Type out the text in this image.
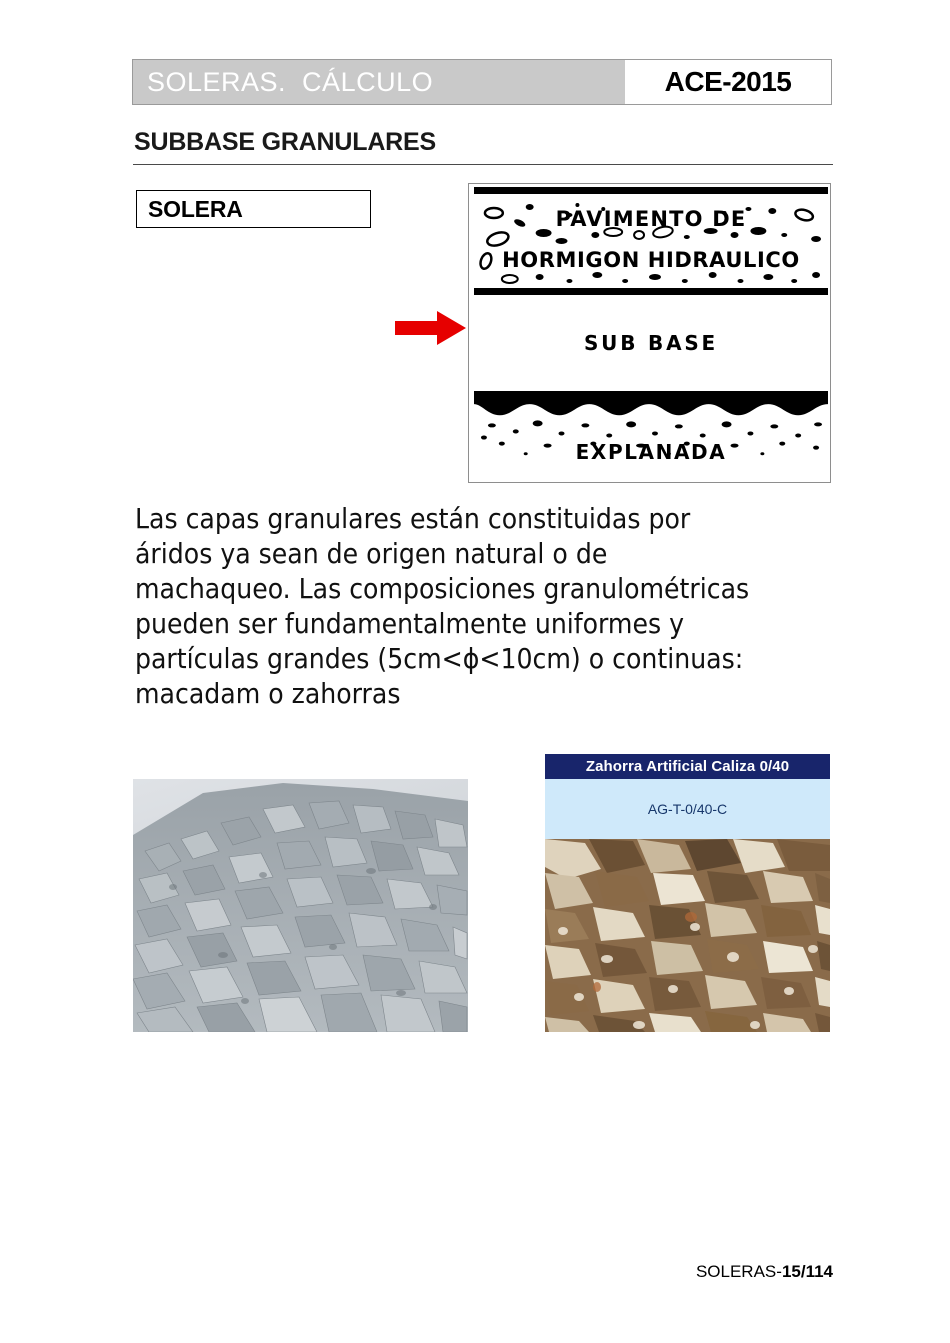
SOLERAS.  CÁLCULO	ACE-2015
SUBBASE GRANULARES
SOLERA	PAVIMENTO DE
HORMIGON HIDRAULICO
SUB BASE
EXPLANADA

Las capas granulares están constituidas por

áridos ya sean de origen natural o de

machaqueo. Las composiciones granulométricas

pueden ser fundamentalmente uniformes y

partículas grandes (5cm<ϕ<10cm) o continuas:

macadam o zahorras

Zahorra Artificial Caliza 0/40
AG-T-0/40-C
SOLERAS-15/114
